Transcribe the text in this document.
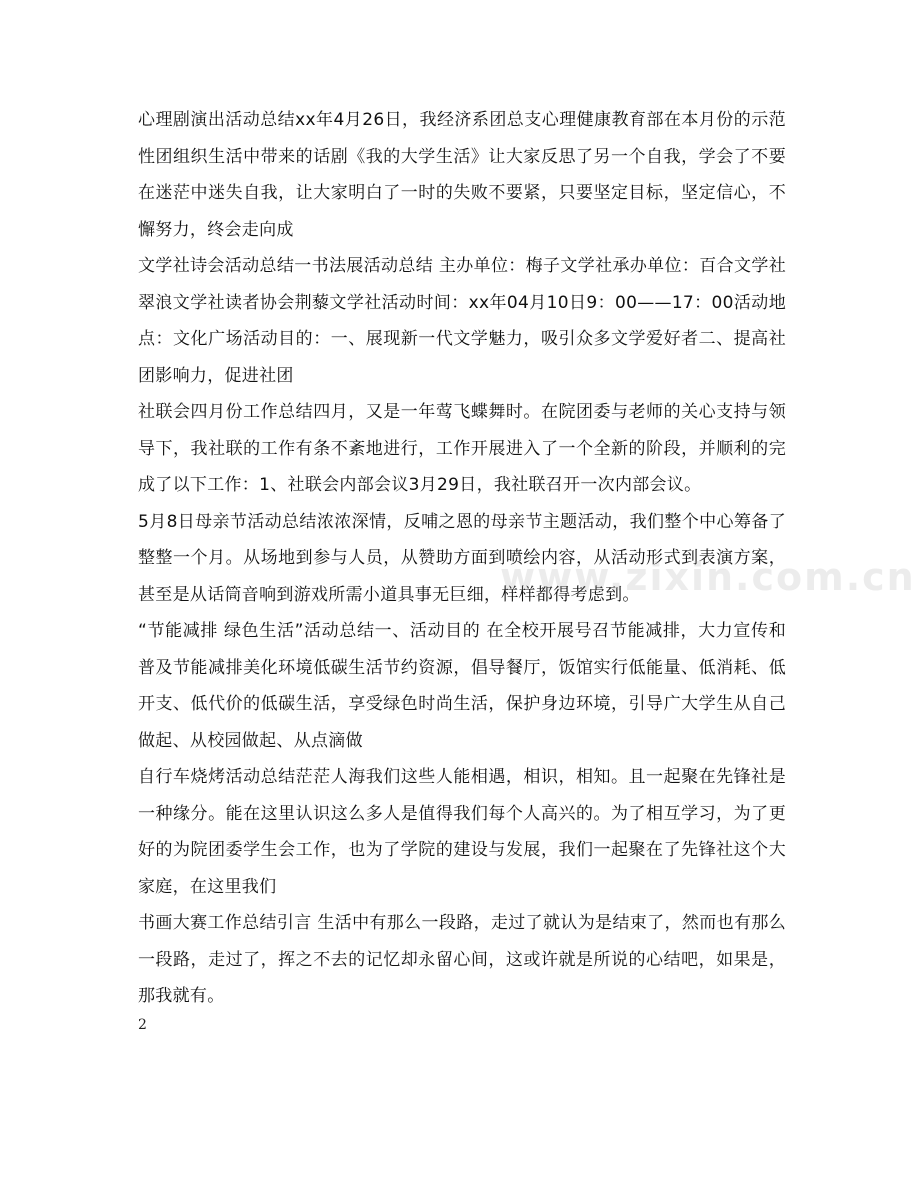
心理剧演出活动总结xx年4月26日，我经济系团总支心理健康教育部在本月份的示范性团组织生活中带来的话剧《我的大学生活》让大家反思了另一个自我，学会了不要在迷茫中迷失自我，让大家明白了一时的失败不要紧，只要坚定目标，坚定信心，不懈努力，终会走向成

文学社诗会活动总结一书法展活动总结 主办单位：梅子文学社承办单位：百合文学社翠浪文学社读者协会荆藜文学社活动时间：xx年04月10日9：00——17：00活动地点：文化广场活动目的：一、展现新一代文学魅力，吸引众多文学爱好者二、提高社团影响力，促进社团

社联会四月份工作总结四月，又是一年莺飞蝶舞时。在院团委与老师的关心支持与领导下，我社联的工作有条不紊地进行，工作开展进入了一个全新的阶段，并顺利的完成了以下工作：1、社联会内部会议3月29日，我社联召开一次内部会议。

5月8日母亲节活动总结浓浓深情，反哺之恩的母亲节主题活动，我们整个中心筹备了整整一个月。从场地到参与人员，从赞助方面到喷绘内容，从活动形式到表演方案，甚至是从话筒音响到游戏所需小道具事无巨细，样样都得考虑到。

“节能减排 绿色生活”活动总结一、活动目的 在全校开展号召节能减排，大力宣传和普及节能减排美化环境低碳生活节约资源，倡导餐厅，饭馆实行低能量、低消耗、低开支、低代价的低碳生活，享受绿色时尚生活，保护身边环境，引导广大学生从自己做起、从校园做起、从点滴做

自行车烧烤活动总结茫茫人海我们这些人能相遇，相识，相知。且一起聚在先锋社是一种缘分。能在这里认识这么多人是值得我们每个人高兴的。为了相互学习，为了更好的为院团委学生会工作，也为了学院的建设与发展，我们一起聚在了先锋社这个大家庭，在这里我们

书画大赛工作总结引言 生活中有那么一段路，走过了就认为是结束了，然而也有那么一段路，走过了，挥之不去的记忆却永留心间，这或许就是所说的心结吧，如果是，那我就有。

www.zixin.com.cn
2
